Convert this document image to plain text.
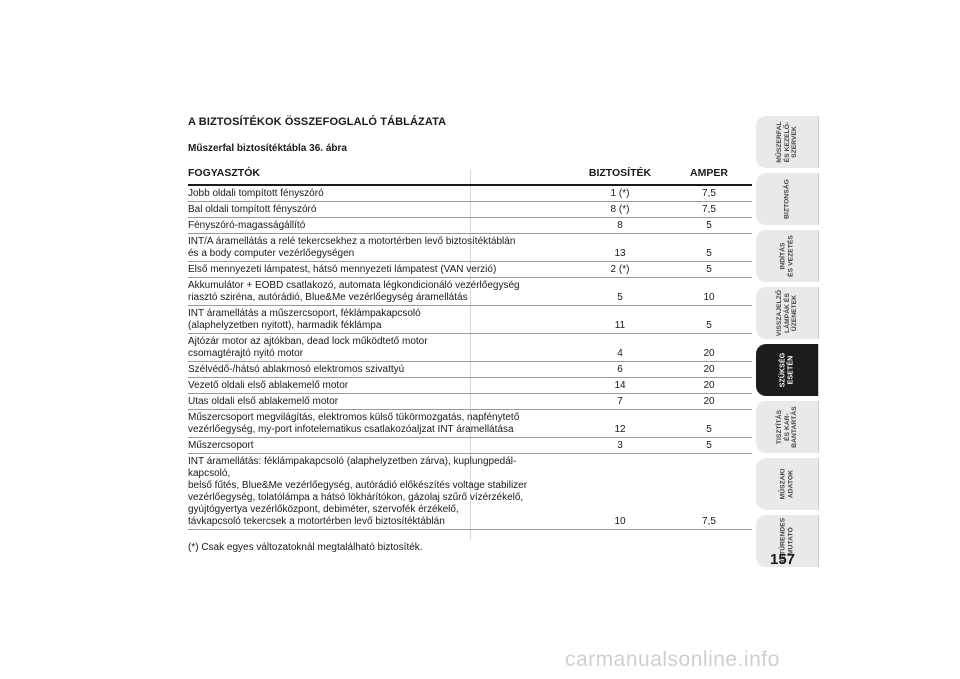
A BIZTOSÍTÉKOK ÖSSZEFOGLALÓ TÁBLÁZATA
Műszerfal biztosítéktábla 36. ábra
FOGYASZTÓK	BIZTOSÍTÉK	AMPER
Jobb oldali tompított fényszóró	1 (*)	7,5
Bal oldali tompított fényszóró	8 (*)	7,5
Fényszóró-magasságállító	8	5
INT/A áramellátás a relé tekercsekhez a motortérben levő biztosítéktáblán
és a body computer vezérlőegységen	13	5
Első mennyezeti lámpatest, hátsó mennyezeti lámpatest (VAN verzió)	2 (*)	5
Akkumulátor + EOBD csatlakozó, automata légkondicionáló vezérlőegység
riasztó sziréna, autórádió, Blue&Me vezérlőegység áramellátás	5	10
INT áramellátás a műszercsoport, féklámpakapcsoló
(alaphelyzetben nyitott), harmadik féklámpa	11	5
Ajtózár motor az ajtókban, dead lock működtető motor
csomagtérajtó nyitó motor	4	20
Szélvédő-/hátsó ablakmosó elektromos szivattyú	6	20
Vezető oldali első ablakemelő motor	14	20
Utas oldali első ablakemelő motor	7	20
Műszercsoport megvilágítás, elektromos külső tükörmozgatás, napfénytető
vezérlőegység, my-port infotelematikus csatlakozóaljzat INT áramellátása	12	5
Műszercsoport	3	5
INT áramellátás: féklámpakapcsoló (alaphelyzetben zárva), kuplungpedál-kapcsoló,
belső fűtés, Blue&Me vezérlőegység, autórádió előkészítés voltage stabilizer
vezérlőegység, tolatólámpa a hátsó lökhárítókon, gázolaj szűrő vízérzékelő,
gyújtógyertya vezérlőközpont, debiméter, szervofék érzékelő,
távkapcsoló tekercsek a motortérben levő biztosítéktáblán	10	7,5
(*) Csak egyes változatoknál megtalálható biztosíték.
MŰSZERFAL
ÉS KEZELŐ-
SZERVEK
BIZTONSÁG
INDÍTÁS
ÉS VEZETÉS
VISSZAJELZŐ
LÁMPÁK ÉS
ÜZENETEK
SZÜKSÉG ESETÉN
TISZTÍTÁS
ÉS KAR-
BANTARTÁS
MŰSZAKI
ADATOK
BETŰRENDES
MUTATÓ
157
carmanualsonline.info
